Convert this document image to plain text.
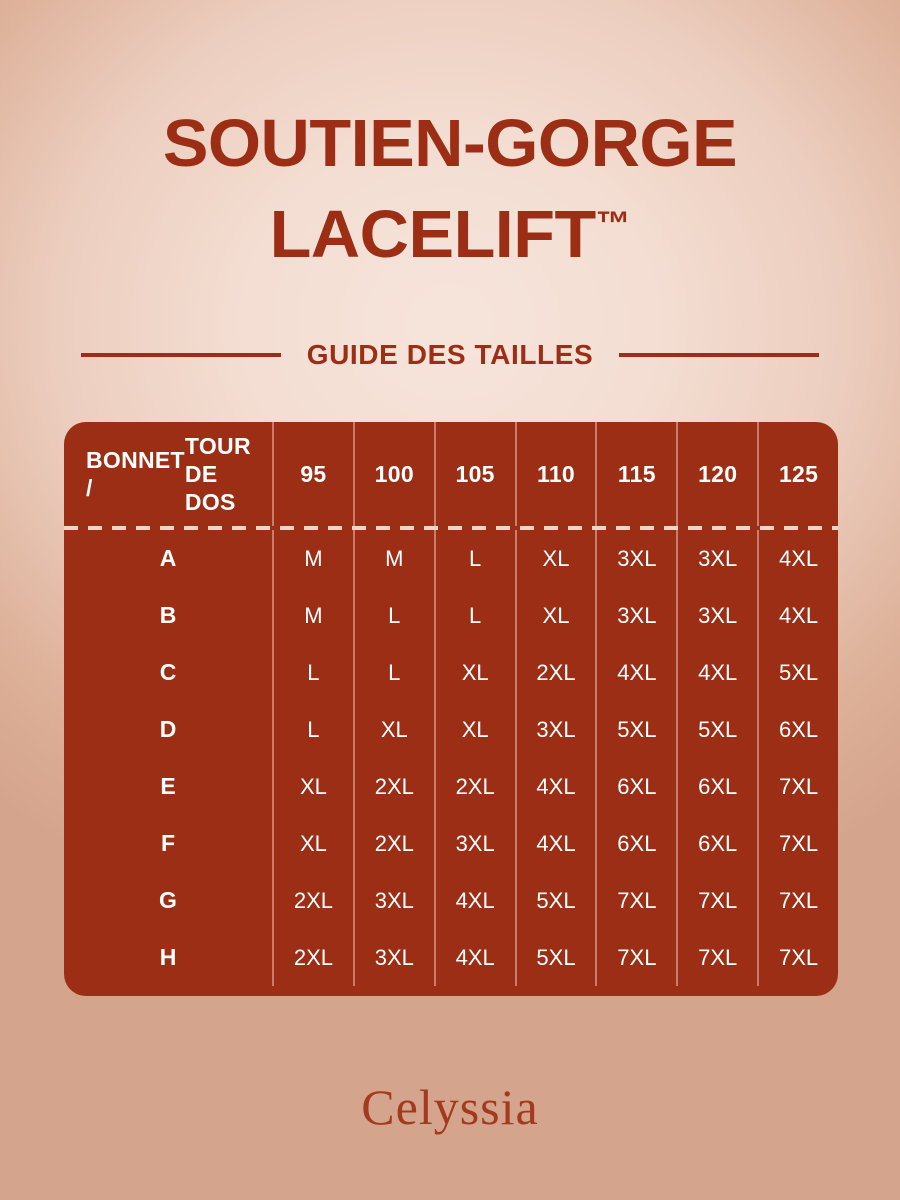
SOUTIEN-GORGE
LACELIFT™
GUIDE DES TAILLES
BONNET /
TOUR DE DOS
95	100	105	110	115	120	125
A	M	M	L	XL	3XL	3XL	4XL
B	M	L	L	XL	3XL	3XL	4XL
C	L	L	XL	2XL	4XL	4XL	5XL
D	L	XL	XL	3XL	5XL	5XL	6XL
E	XL	2XL	2XL	4XL	6XL	6XL	7XL
F	XL	2XL	3XL	4XL	6XL	6XL	7XL
G	2XL	3XL	4XL	5XL	7XL	7XL	7XL
H	2XL	3XL	4XL	5XL	7XL	7XL	7XL
Celyssia
